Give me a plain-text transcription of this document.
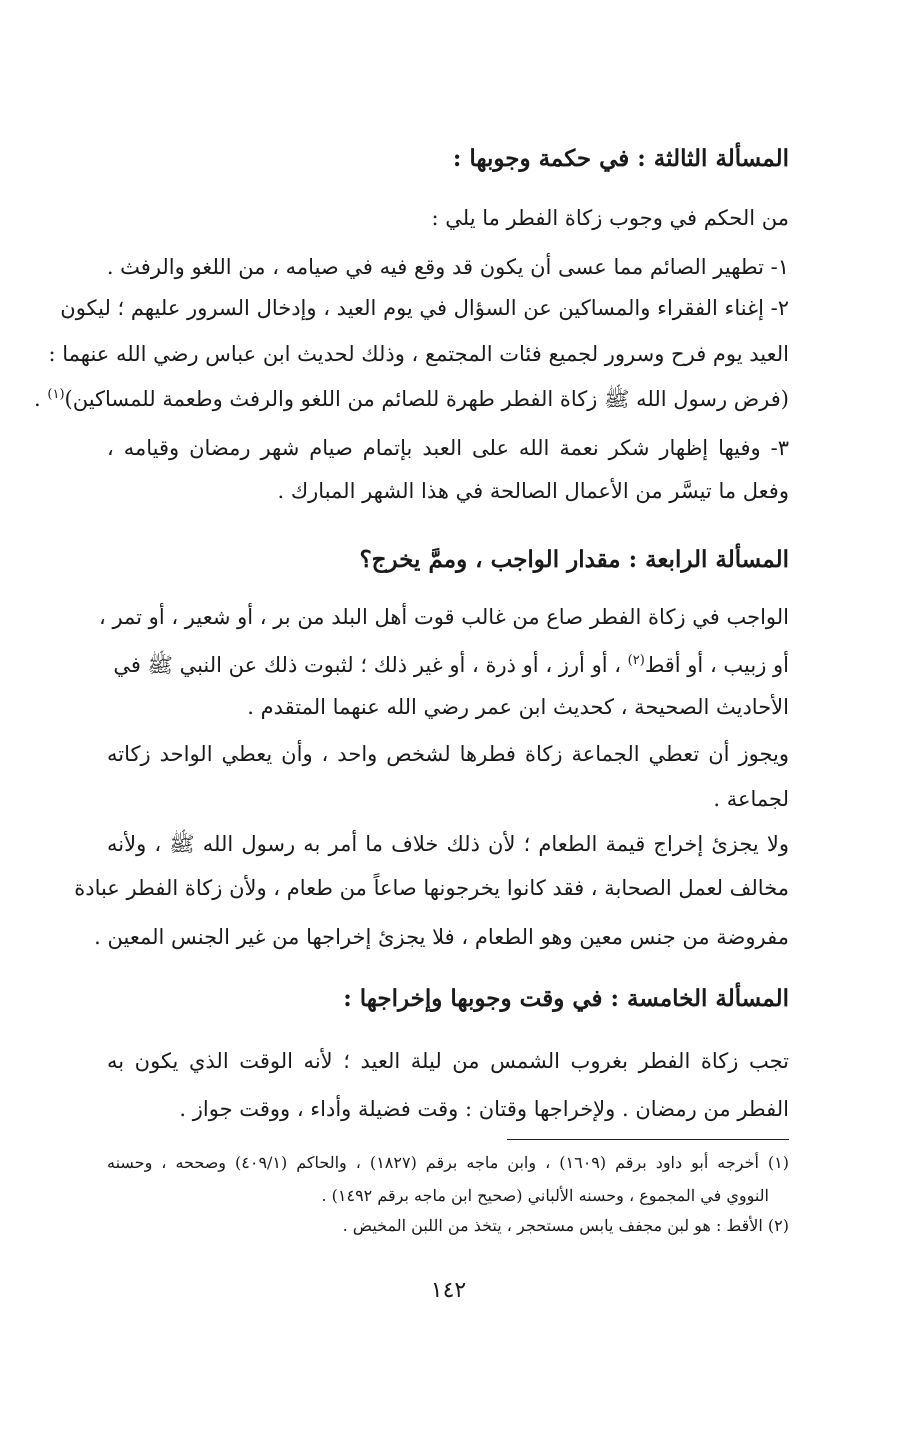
المسألة الثالثة : في حكمة وجوبها :

من الحكم في وجوب زكاة الفطر ما يلي :

١- تطهير الصائم مما عسى أن يكون قد وقع فيه في صيامه ، من اللغو والرفث .

٢- إغناء الفقراء والمساكين عن السؤال في يوم العيد ، وإدخال السرور عليهم ؛ ليكون

العيد يوم فرح وسرور لجميع فئات المجتمع ، وذلك لحديث ابن عباس رضي الله عنهما :

(فرض رسول الله ﷺ زكاة الفطر طهرة للصائم من اللغو والرفث وطعمة للمساكين)$^{(١)}$ .

٣- وفيها إظهار شكر نعمة الله على العبد بإتمام صيام شهر رمضان وقيامه ،

وفعل ما تيسَّر من الأعمال الصالحة في هذا الشهر المبارك .

المسألة الرابعة : مقدار الواجب ، وممَّ يخرج؟

الواجب في زكاة الفطر صاع من غالب قوت أهل البلد من بر ، أو شعير ، أو تمر ،

أو زبيب ، أو أقط$^{(٢)}$ ، أو أرز ، أو ذرة ، أو غير ذلك ؛ لثبوت ذلك عن النبي ﷺ في

الأحاديث الصحيحة ، كحديث ابن عمر رضي الله عنهما المتقدم .

ويجوز أن تعطي الجماعة زكاة فطرها لشخص واحد ، وأن يعطي الواحد زكاته

لجماعة .

ولا يجزئ إخراج قيمة الطعام ؛ لأن ذلك خلاف ما أمر به رسول الله ﷺ ، ولأنه

مخالف لعمل الصحابة ، فقد كانوا يخرجونها صاعاً من طعام ، ولأن زكاة الفطر عبادة

مفروضة من جنس معين وهو الطعام ، فلا يجزئ إخراجها من غير الجنس المعين .

المسألة الخامسة : في وقت وجوبها وإخراجها :

تجب زكاة الفطر بغروب الشمس من ليلة العيد ؛ لأنه الوقت الذي يكون به

الفطر من رمضان . ولإخراجها وقتان : وقت فضيلة وأداء ، ووقت جواز .

(١) أخرجه أبو داود برقم (١٦٠٩) ، وابن ماجه برقم (١٨٢٧) ، والحاكم (٤٠٩/١) وصححه ، وحسنه

النووي في المجموع ، وحسنه الألباني (صحيح ابن ماجه برقم ١٤٩٢) .

(٢) الأقط : هو لبن مجفف يابس مستحجر ، يتخذ من اللبن المخيض .

١٤٢
